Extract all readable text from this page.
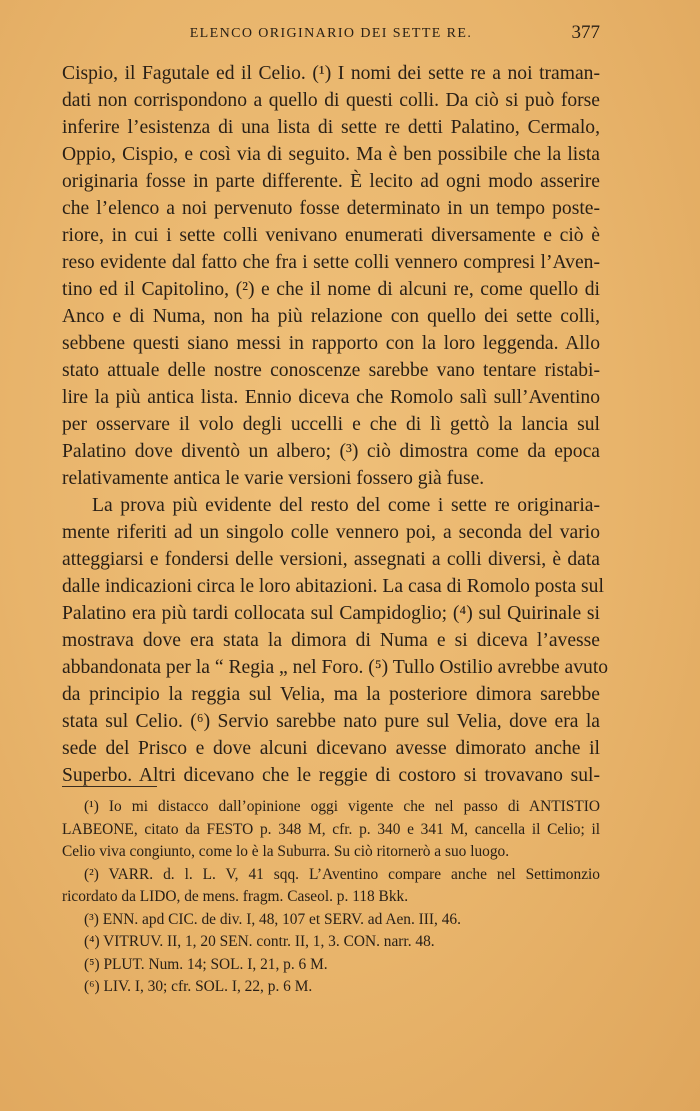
ELENCO ORIGINARIO DEI SETTE RE.	377
Cispio, il Fagutale ed il Celio. (¹) I nomi dei sette re a noi traman-
dati non corrispondono a quello di questi colli. Da ciò si può forse
inferire l’esistenza di una lista di sette re detti Palatino, Cermalo,
Oppio, Cispio, e così via di seguito. Ma è ben possibile che la lista
originaria fosse in parte differente. È lecito ad ogni modo asserire
che l’elenco a noi pervenuto fosse determinato in un tempo poste-
riore, in cui i sette colli venivano enumerati diversamente e ciò è
reso evidente dal fatto che fra i sette colli vennero compresi l’Aven-
tino ed il Capitolino, (²) e che il nome di alcuni re, come quello di
Anco e di Numa, non ha più relazione con quello dei sette colli,
sebbene questi siano messi in rapporto con la loro leggenda. Allo
stato attuale delle nostre conoscenze sarebbe vano tentare ristabi-
lire la più antica lista. Ennio diceva che Romolo salì sull’Aventino
per osservare il volo degli uccelli e che di lì gettò la lancia sul
Palatino dove diventò un albero; (³) ciò dimostra come da epoca
relativamente antica le varie versioni fossero già fuse.
La prova più evidente del resto del come i sette re originaria-
mente riferiti ad un singolo colle vennero poi, a seconda del vario
atteggiarsi e fondersi delle versioni, assegnati a colli diversi, è data
dalle indicazioni circa le loro abitazioni. La casa di Romolo posta sul
Palatino era più tardi collocata sul Campidoglio; (⁴) sul Quirinale si
mostrava dove era stata la dimora di Numa e si diceva l’avesse
abbandonata per la “ Regia „ nel Foro. (⁵) Tullo Ostilio avrebbe avuto
da principio la reggia sul Velia, ma la posteriore dimora sarebbe
stata sul Celio. (⁶) Servio sarebbe nato pure sul Velia, dove era la
sede del Prisco e dove alcuni dicevano avesse dimorato anche il
Superbo. Altri dicevano che le reggie di costoro si trovavano sul-
(¹) Io mi distacco dall’opinione oggi vigente che nel passo di ANTISTIO
LABEONE, citato da FESTO p. 348 M, cfr. p. 340 e 341 M, cancella il Celio; il
Celio viva congiunto, come lo è la Suburra. Su ciò ritornerò a suo luogo.
(²) VARR. d. l. L. V, 41 sqq. L’Aventino compare anche nel Settimonzio
ricordato da LIDO, de mens. fragm. Caseol. p. 118 Bkk.
(³) ENN. apd CIC. de div. I, 48, 107 et SERV. ad Aen. III, 46.
(⁴) VITRUV. II, 1, 20 SEN. contr. II, 1, 3. CON. narr. 48.
(⁵) PLUT. Num. 14; SOL. I, 21, p. 6 M.
(⁶) LIV. I, 30; cfr. SOL. I, 22, p. 6 M.
